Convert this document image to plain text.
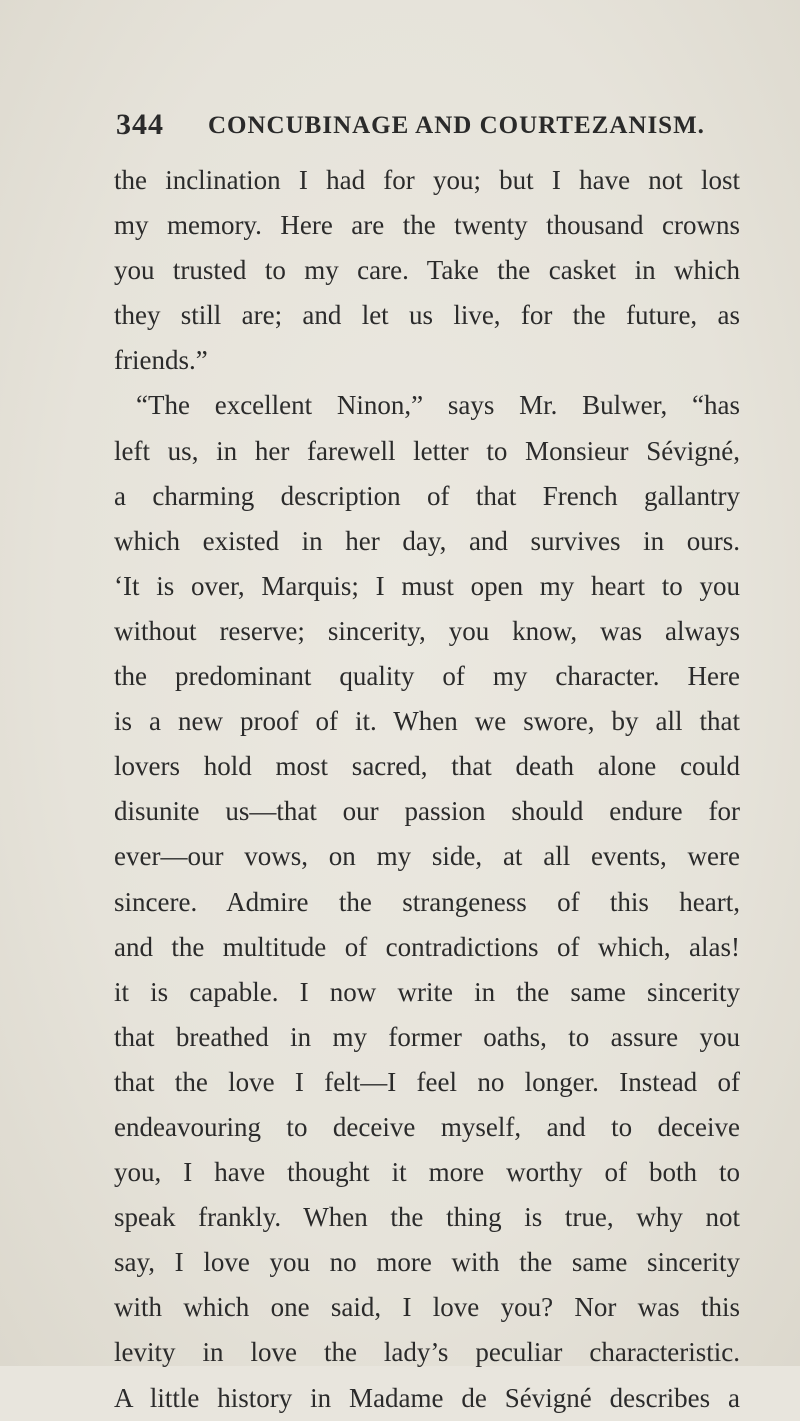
344 CONCUBINAGE AND COURTEZANISM.
the inclination I had for you; but I have not lost
my memory. Here are the twenty thousand crowns
you trusted to my care. Take the casket in which
they still are; and let us live, for the future, as
friends.”
“The excellent Ninon,” says Mr. Bulwer, “has
left us, in her farewell letter to Monsieur Sévigné,
a charming description of that French gallantry
which existed in her day, and survives in ours.
‘It is over, Marquis; I must open my heart to you
without reserve; sincerity, you know, was always
the predominant quality of my character. Here
is a new proof of it. When we swore, by all that
lovers hold most sacred, that death alone could
disunite us—that our passion should endure for
ever—our vows, on my side, at all events, were
sincere. Admire the strangeness of this heart,
and the multitude of contradictions of which, alas!
it is capable. I now write in the same sincerity
that breathed in my former oaths, to assure you
that the love I felt—I feel no longer. Instead of
endeavouring to deceive myself, and to deceive
you, I have thought it more worthy of both to
speak frankly. When the thing is true, why not
say, I love you no more with the same sincerity
with which one said, I love you? Nor was this
levity in love the lady’s peculiar characteristic.
A little history in Madame de Sévigné describes a
